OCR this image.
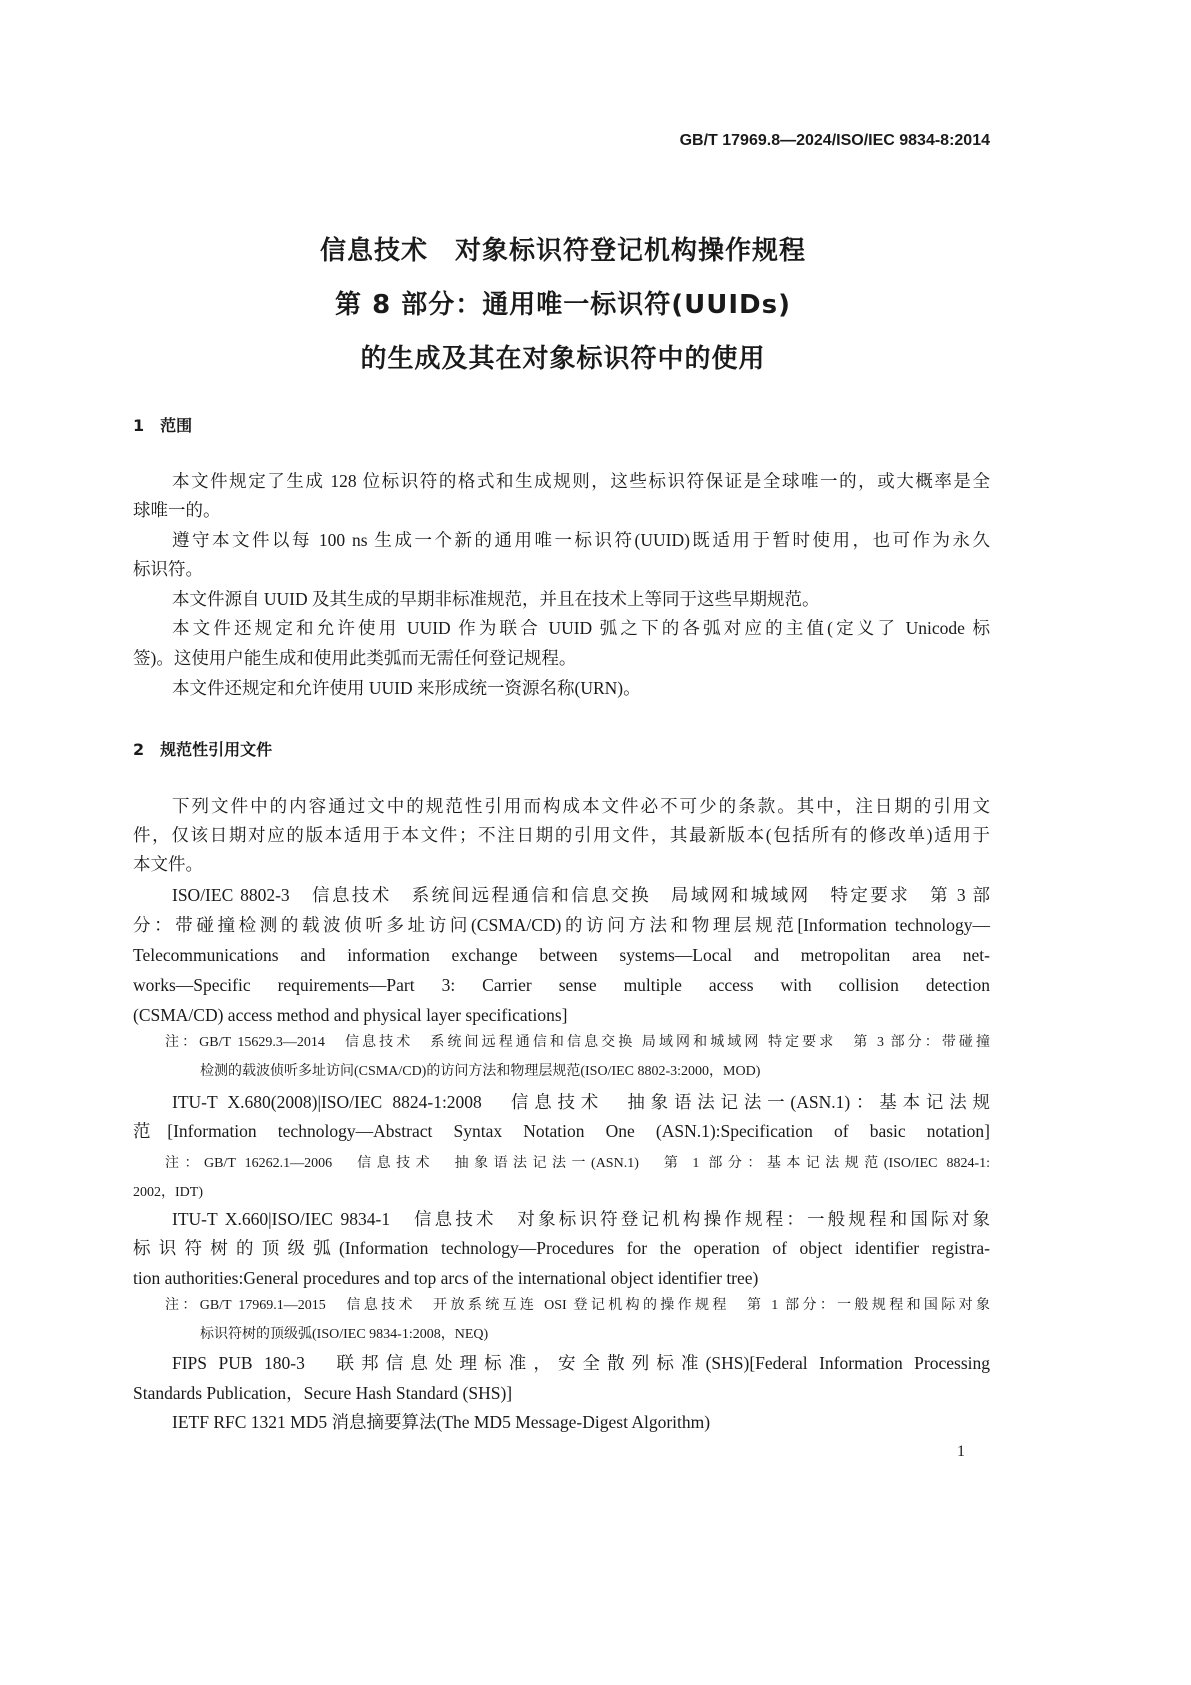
GB/T 17969.8—2024/ISO/IEC 9834-8:2014
信息技术　对象标识符登记机构操作规程
第 8 部分：通用唯一标识符(UUIDs)
的生成及其在对象标识符中的使用
1　范围
本文件规定了生成 128 位标识符的格式和生成规则，这些标识符保证是全球唯一的，或大概率是全
球唯一的。
遵守本文件以每 100 ns 生成一个新的通用唯一标识符(UUID)既适用于暂时使用，也可作为永久
标识符。
本文件源自 UUID 及其生成的早期非标准规范，并且在技术上等同于这些早期规范。
本文件还规定和允许使用 UUID 作为联合 UUID 弧之下的各弧对应的主值(定义了 Unicode 标
签)。这使用户能生成和使用此类弧而无需任何登记规程。
本文件还规定和允许使用 UUID 来形成统一资源名称(URN)。
2　规范性引用文件
下列文件中的内容通过文中的规范性引用而构成本文件必不可少的条款。其中，注日期的引用文
件，仅该日期对应的版本适用于本文件；不注日期的引用文件，其最新版本(包括所有的修改单)适用于
本文件。
ISO/IEC 8802-3　信息技术　系统间远程通信和信息交换　局域网和城域网　特定要求　第 3 部
分：带碰撞检测的载波侦听多址访问(CSMA/CD)的访问方法和物理层规范[Information technology—
Telecommunications and information exchange between systems—Local and metropolitan area net-
works—Specific requirements—Part 3: Carrier sense multiple access with collision detection
(CSMA/CD) access method and physical layer specifications]
注：GB/T 15629.3—2014　信息技术　系统间远程通信和信息交换 局域网和城域网 特定要求　第 3 部分：带碰撞
检测的载波侦听多址访问(CSMA/CD)的访问方法和物理层规范(ISO/IEC 8802-3:2000，MOD)
ITU-T X.680(2008)|ISO/IEC 8824-1:2008　信息技术　抽象语法记法一(ASN.1)：基本记法规
范[Information technology—Abstract Syntax Notation One (ASN.1):Specification of basic notation]
注：GB/T 16262.1—2006　信息技术　抽象语法记法一(ASN.1)　第 1 部分：基本记法规范(ISO/IEC 8824-1:
2002，IDT)
ITU-T X.660|ISO/IEC 9834-1　信息技术　对象标识符登记机构操作规程：一般规程和国际对象
标识符树的顶级弧(Information technology—Procedures for the operation of object identifier registra-
tion authorities:General procedures and top arcs of the international object identifier tree)
注：GB/T 17969.1—2015　信息技术　开放系统互连 OSI 登记机构的操作规程　第 1 部分：一般规程和国际对象
标识符树的顶级弧(ISO/IEC 9834-1:2008，NEQ)
FIPS PUB 180-3　联邦信息处理标准，安全散列标准(SHS)[Federal Information Processing
Standards Publication，Secure Hash Standard (SHS)]
IETF RFC 1321 MD5 消息摘要算法(The MD5 Message-Digest Algorithm)
1
